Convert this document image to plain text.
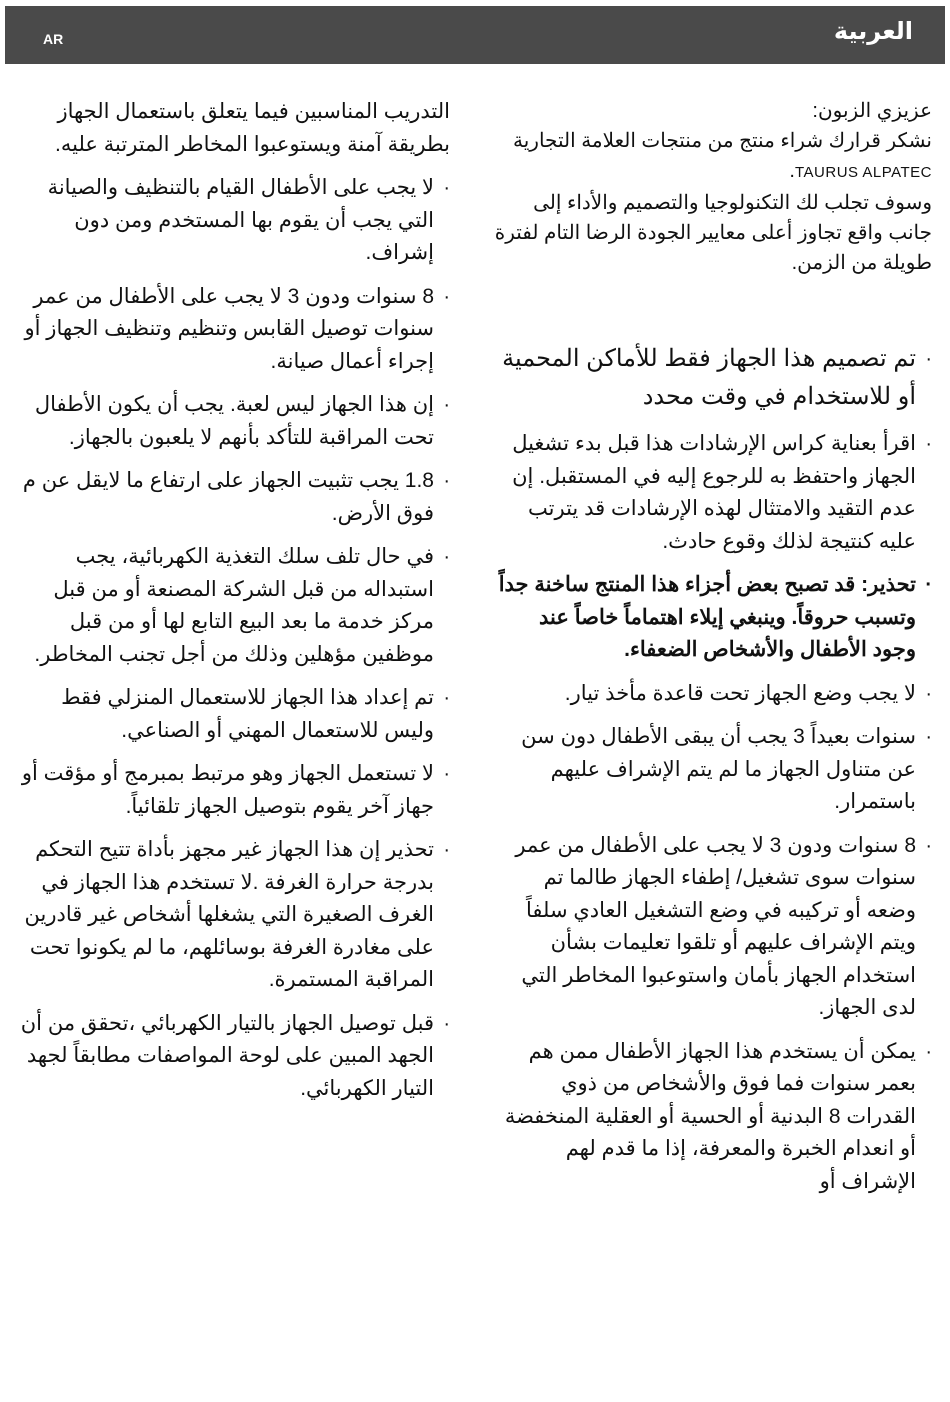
العربية
AR

عزيزي الزبون:

نشكر قرارك شراء منتج من منتجات العلامة التجارية TAURUS ALPATEC.

وسوف تجلب لك التكنولوجيا والتصميم والأداء إلى جانب واقع تجاوز أعلى معايير الجودة الرضا التام لفترة طويلة من الزمن.

· تم تصميم هذا الجهاز فقط للأماكن المحمية أو للاستخدام في وقت محدد
· اقرأ بعناية كراس الإرشادات هذا قبل بدء تشغيل الجهاز واحتفظ به للرجوع إليه في المستقبل. إن عدم التقيد والامتثال لهذه الإرشادات قد يترتب عليه كنتيجة لذلك وقوع حادث.
· تحذير: قد تصبح بعض أجزاء هذا المنتج ساخنة جداً وتسبب حروقاً. وينبغي إيلاء اهتماماً خاصاً عند وجود الأطفال والأشخاص الضعفاء.
· لا يجب وضع الجهاز تحت قاعدة مأخذ تيار.
· سنوات بعيداً 3 يجب أن يبقى الأطفال دون سن عن متناول الجهاز ما لم يتم الإشراف عليهم باستمرار.
· 8 سنوات ودون 3 لا يجب على الأطفال من عمر سنوات سوى تشغيل/ إطفاء الجهاز طالما تم وضعه أو تركيبه في وضع التشغيل العادي سلفاً ويتم الإشراف عليهم أو تلقوا تعليمات بشأن استخدام الجهاز بأمان واستوعبوا المخاطر التي لدى الجهاز.
· يمكن أن يستخدم هذا الجهاز الأطفال ممن هم بعمر سنوات فما فوق والأشخاص من ذوي القدرات 8 البدنية أو الحسية أو العقلية المنخفضة أو انعدام الخبرة والمعرفة، إذا ما قدم لهم الإشراف أو

التدريب المناسبين فيما يتعلق باستعمال الجهاز بطريقة آمنة ويستوعبوا المخاطر المترتبة عليه.

· لا يجب على الأطفال القيام بالتنظيف والصيانة التي يجب أن يقوم بها المستخدم ومن دون إشراف.
· 8 سنوات ودون 3 لا يجب على الأطفال من عمر سنوات توصيل القابس وتنظيم وتنظيف الجهاز أو إجراء أعمال صيانة.
· إن هذا الجهاز ليس لعبة. يجب أن يكون الأطفال تحت المراقبة للتأكد بأنهم لا يلعبون بالجهاز.
· 1.8 يجب تثبيت الجهاز على ارتفاع ما لايقل عن م فوق الأرض.
· في حال تلف سلك التغذية الكهربائية، يجب استبداله من قبل الشركة المصنعة أو من قبل مركز خدمة ما بعد البيع التابع لها أو من قبل موظفين مؤهلين وذلك من أجل تجنب المخاطر.
· تم إعداد هذا الجهاز للاستعمال المنزلي فقط وليس للاستعمال المهني أو الصناعي.
· لا تستعمل الجهاز وهو مرتبط بمبرمج أو مؤقت أو جهاز آخر يقوم بتوصيل الجهاز تلقائياً.
· تحذير إن هذا الجهاز غير مجهز بأداة تتيح التحكم بدرجة حرارة الغرفة .لا تستخدم هذا الجهاز في الغرف الصغيرة التي يشغلها أشخاص غير قادرين على مغادرة الغرفة بوسائلهم، ما لم يكونوا تحت المراقبة المستمرة.
· قبل توصيل الجهاز بالتيار الكهربائي ،تحقق من أن الجهد المبين على لوحة المواصفات مطابقاً لجهد التيار الكهربائي.
